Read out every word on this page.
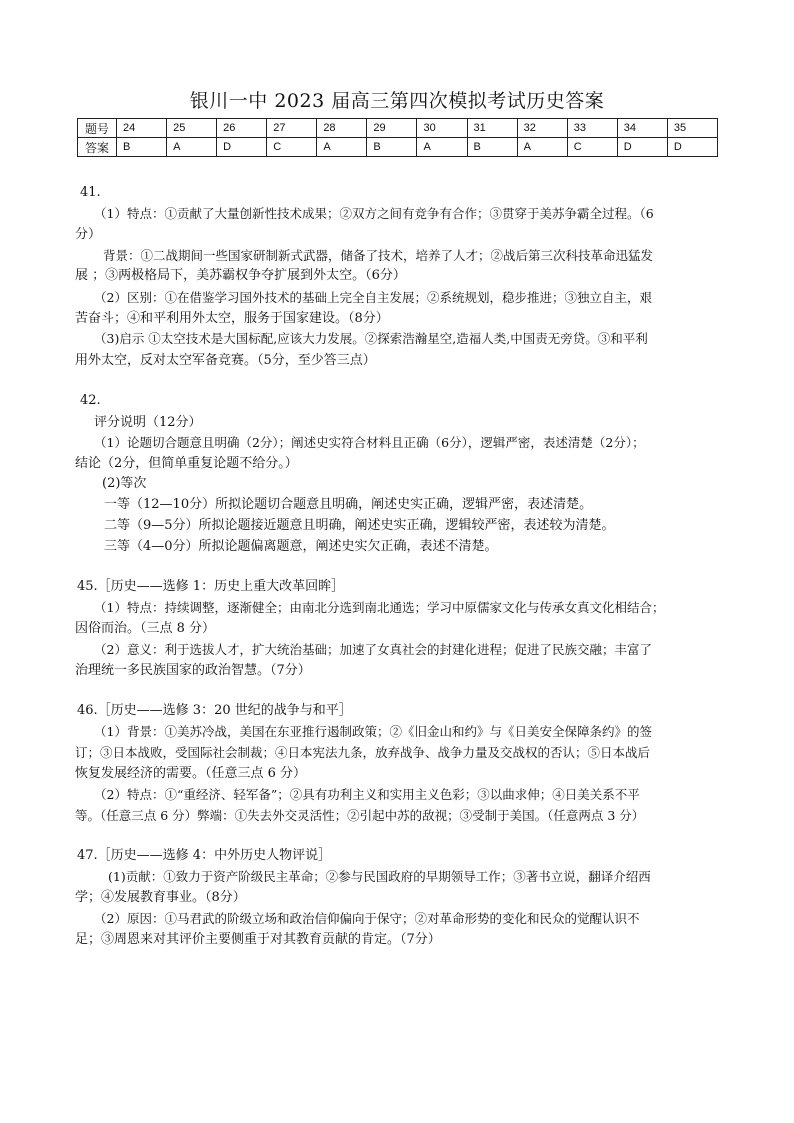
银川一中 2023 届高三第四次模拟考试历史答案
题号	24	25	26	27	28	29	30	31	32	33	34	35
答案	B	A	D	C	A	B	A	B	A	C	D	D
41.
（1）特点：①贡献了大量创新性技术成果；②双方之间有竞争有合作；③贯穿于美苏争霸全过程。（6
分）
背景：①二战期间一些国家研制新式武器，储备了技术，培养了人才；②战后第三次科技革命迅猛发
展 ；③两极格局下，美苏霸权争夺扩展到外太空。（6分）
（2）区别：①在借鉴学习国外技术的基础上完全自主发展；②系统规划，稳步推进；③独立自主，艰
苦奋斗；④和平利用外太空，服务于国家建设。（8分）
（3)启示 ①太空技术是大国标配,应该大力发展。②探索浩瀚星空,造福人类,中国责无旁贷。③和平利
用外太空，反对太空军备竞赛。（5分，至少答三点）
42.
评分说明（12分）
（1）论题切合题意且明确（2分）；阐述史实符合材料且正确（6分），逻辑严密，表述清楚（2分）；
结论（2分，但简单重复论题不给分。）
(2)等次
一等（12—10分）所拟论题切合题意且明确，阐述史实正确，逻辑严密，表述清楚。
二等（9—5分）所拟论题接近题意且明确，阐述史实正确，逻辑较严密，表述较为清楚。
三等（4—0分）所拟论题偏离题意，阐述史实欠正确，表述不清楚。
45.［历史——选修 1：历史上重大改革回眸］
（1）特点：持续调整，逐渐健全；由南北分选到南北通选；学习中原儒家文化与传承女真文化相结合；
因俗而治。（三点 8 分）
（2）意义：利于选拔人才，扩大统治基础；加速了女真社会的封建化进程；促进了民族交融；丰富了
治理统一多民族国家的政治智慧。（7分）
46.［历史——选修 3：20 世纪的战争与和平］
（1）背景：①美苏冷战，美国在东亚推行遏制政策；②《旧金山和约》与《日美安全保障条约》的签
订；③日本战败，受国际社会制裁；④日本宪法九条，放弃战争、战争力量及交战权的否认；⑤日本战后
恢复发展经济的需要。（任意三点 6 分）
（2）特点：①“重经济、轻军备”；②具有功利主义和实用主义色彩；③以曲求伸；④日美关系不平
等。（任意三点 6 分）弊端：①失去外交灵活性；②引起中苏的敌视；③受制于美国。（任意两点 3 分）
47.［历史——选修 4：中外历史人物评说］
(1)贡献：①致力于资产阶级民主革命；②参与民国政府的早期领导工作；③著书立说，翻译介绍西
学；④发展教育事业。（8分）
（2）原因：①马君武的阶级立场和政治信仰偏向于保守；②对革命形势的变化和民众的觉醒认识不
足；③周恩来对其评价主要侧重于对其教育贡献的肯定。（7分）
